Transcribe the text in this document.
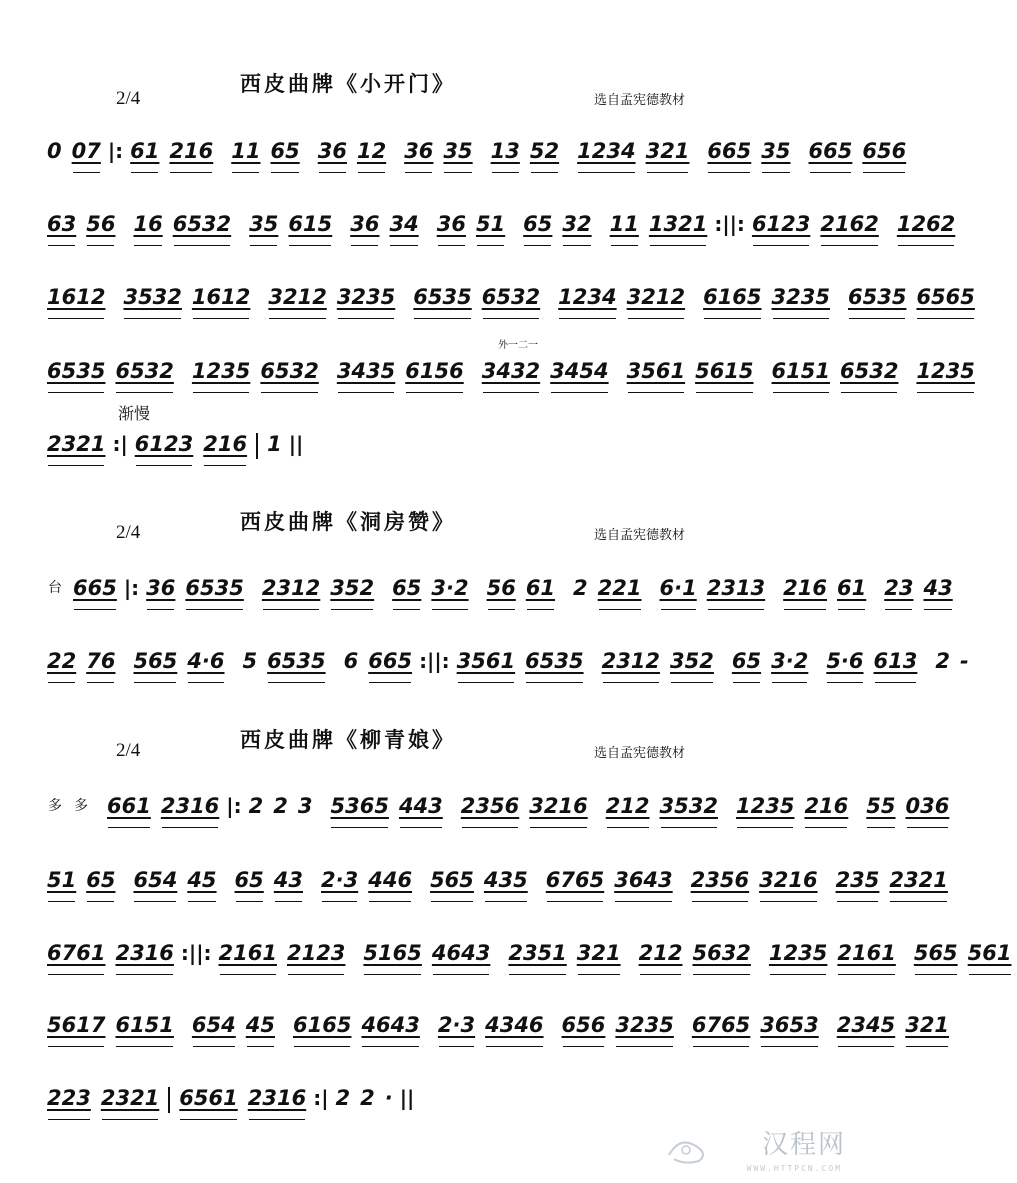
西皮曲牌《小开门》
2/4	选自孟宪德教材
0 07 |: 61 216 11 65 36 12 36 35 13 52 1234 321 665 35 665 656
63 56 16 6532 35 615 36 34 36 51 65 32 11 1321 :||: 6123 2162 1262
1612 3532 1612 3212 3235 6535 6532 1234 3212 6165 3235 6535 6565
外一二一
6535 6532 1235 6532 3435 6156 3432 3454 3561 5615 6151 6532 1235
渐慢
2321 :| 6123 216 1 ||
西皮曲牌《洞房赞》
2/4	选自孟宪德教材
台 665 |: 36 6535 2312 352 65 3·2 56 61 2 221 6·1 2313 216 61 23 43
22 76 565 4·6 5 6535 6 665 :||: 3561 6535 2312 352 65 3·2 5·6 613 2 -
西皮曲牌《柳青娘》
2/4	选自孟宪德教材
多 多 661 2316 |: 2 2 3 5365 443 2356 3216 212 3532 1235 216 55 036
51 65 654 45 65 43 2·3 446 565 435 6765 3643 2356 3216 235 2321
6761 2316 :||: 2161 2123 5165 4643 2351 321 212 5632 1235 2161 565 561
5617 6151 654 45 6165 4643 2·3 4346 656 3235 6765 3653 2345 321
223 2321 6561 2316 :| 2 2 · ||
汉程网
WWW.HTTPCN.COM
